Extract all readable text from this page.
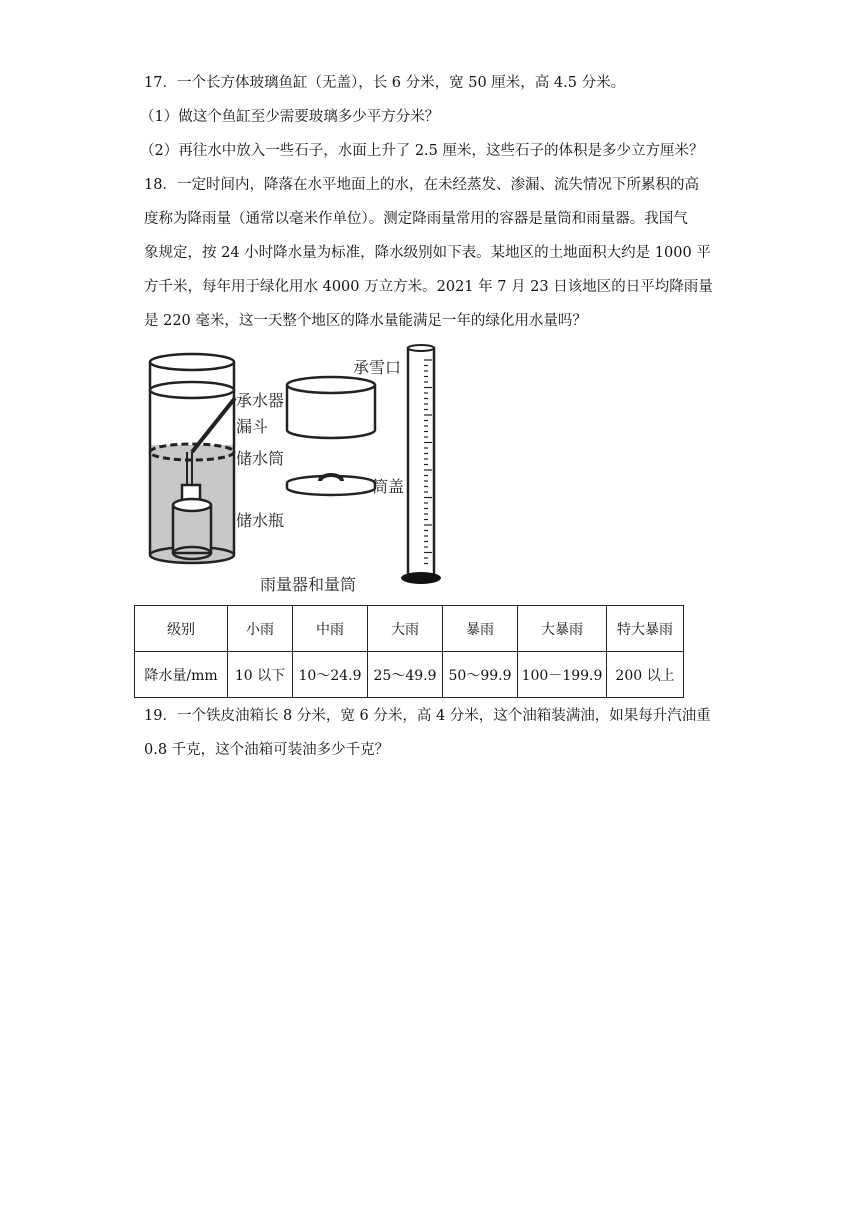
17．一个长方体玻璃鱼缸（无盖），长 6 分米，宽 50 厘米，高 4.5 分米。
（1）做这个鱼缸至少需要玻璃多少平方分米？
（2）再往水中放入一些石子，水面上升了 2.5 厘米，这些石子的体积是多少立方厘米？
18．一定时间内，降落在水平地面上的水，在未经蒸发、渗漏、流失情况下所累积的高
度称为降雨量（通常以毫米作单位）。测定降雨量常用的容器是量筒和雨量器。我国气
象规定，按 24 小时降水量为标准，降水级别如下表。某地区的土地面积大约是 1000 平
方千米，每年用于绿化用水 4000 万立方米。2021 年 7 月 23 日该地区的日平均降雨量
是 220 毫米，这一天整个地区的降水量能满足一年的绿化用水量吗？
承水器
漏斗
储水筒
储水瓶
承雪口
筒盖
雨量器和量筒
级别	小雨	中雨	大雨	暴雨	大暴雨	特大暴雨
降水量/mm	10 以下	10～24.9	25～49.9	50～99.9	100－199.9	200 以上
19．一个铁皮油箱长 8 分米，宽 6 分米，高 4 分米，这个油箱装满油，如果每升汽油重
0.8 千克，这个油箱可装油多少千克？
